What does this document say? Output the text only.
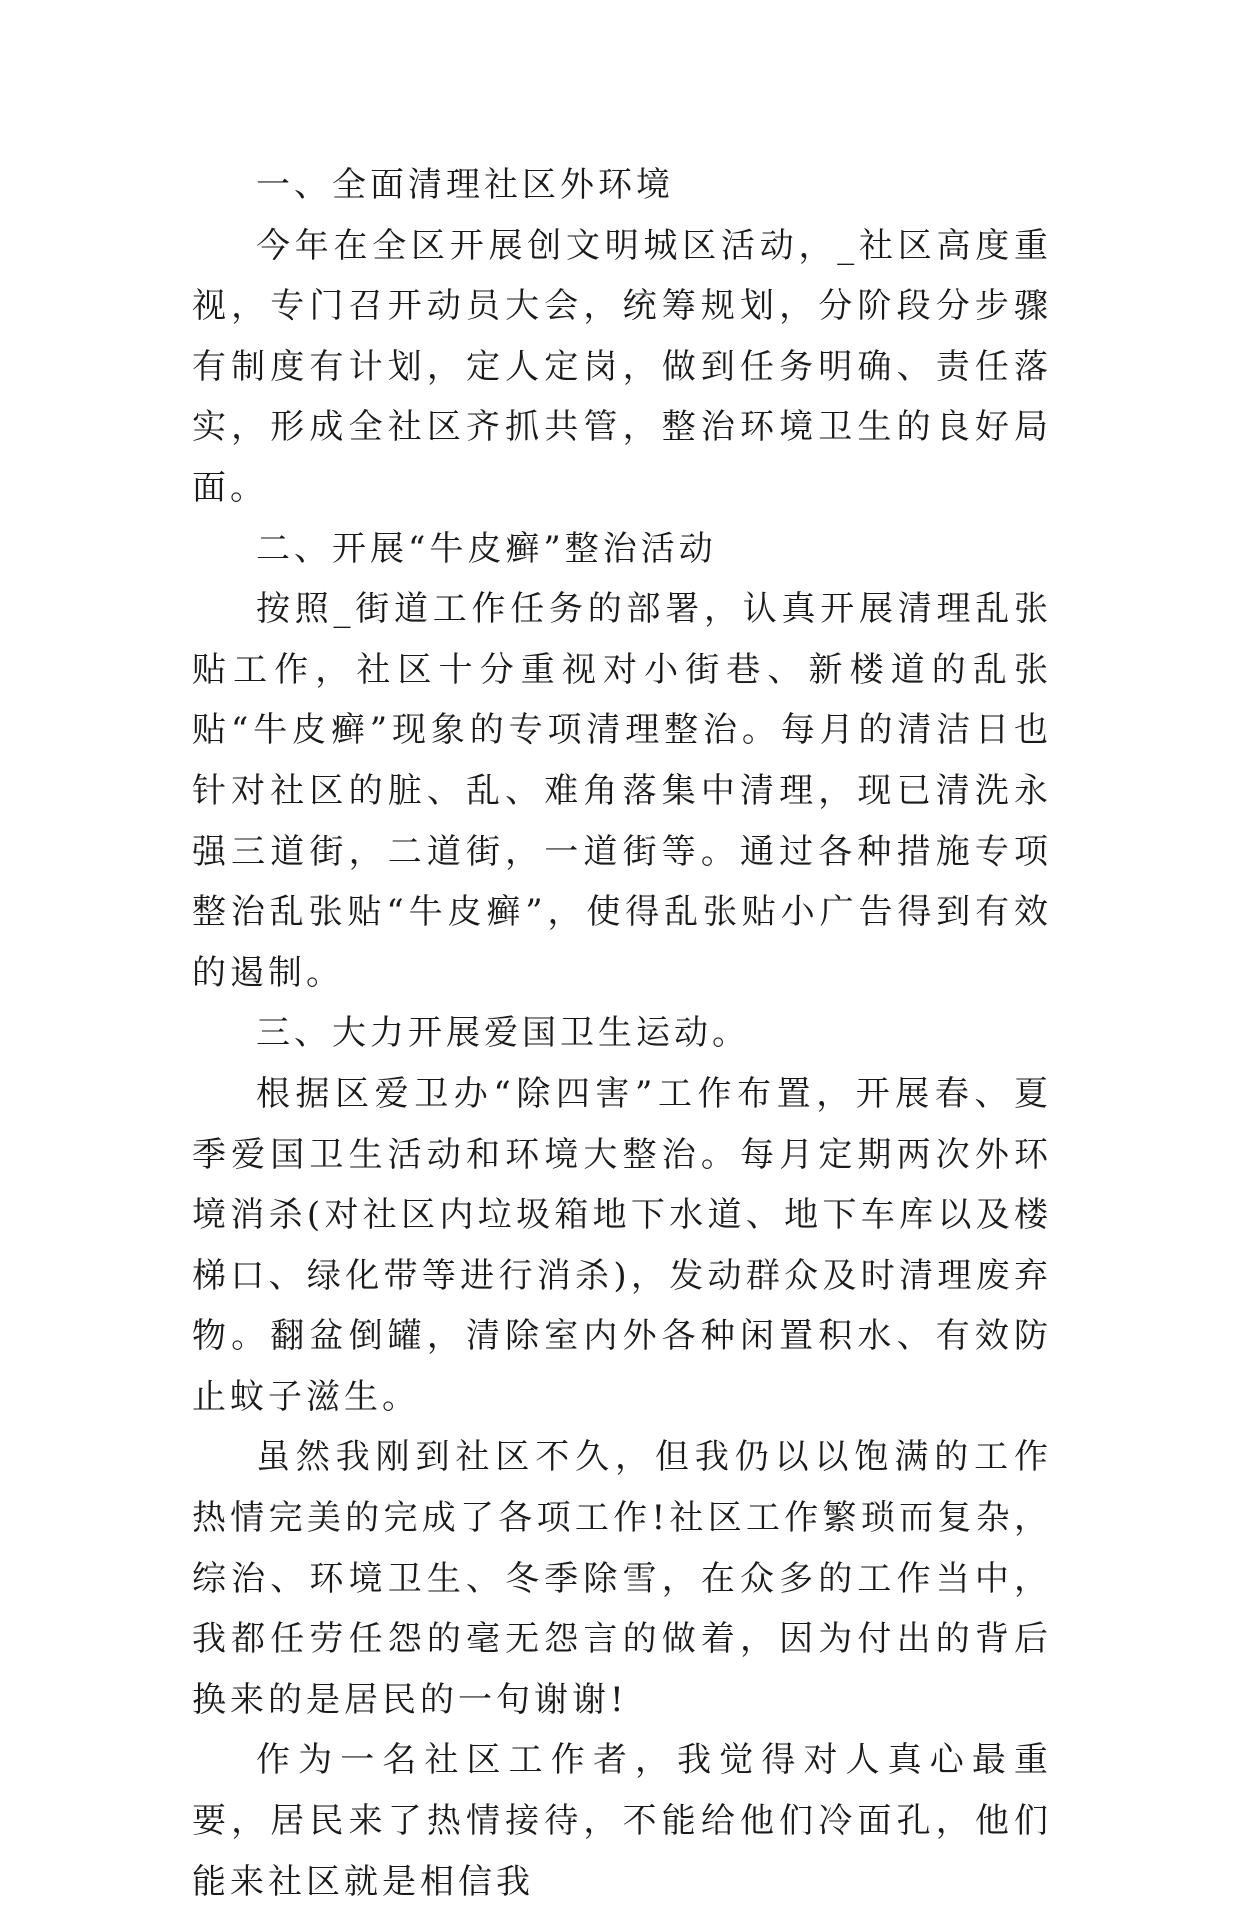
一、全面清理社区外环境

今年在全区开展创文明城区活动，_社区高度重视，专门召开动员大会，统筹规划，分阶段分步骤有制度有计划，定人定岗，做到任务明确、责任落实，形成全社区齐抓共管，整治环境卫生的良好局面。

二、开展“牛皮癣”整治活动

按照_街道工作任务的部署，认真开展清理乱张贴工作，社区十分重视对小街巷、新楼道的乱张贴“牛皮癣”现象的专项清理整治。每月的清洁日也针对社区的脏、乱、难角落集中清理，现已清洗永强三道街，二道街，一道街等。通过各种措施专项整治乱张贴“牛皮癣”，使得乱张贴小广告得到有效的遏制。

三、大力开展爱国卫生运动。

根据区爱卫办“除四害”工作布置，开展春、夏季爱国卫生活动和环境大整治。每月定期两次外环境消杀(对社区内垃圾箱地下水道、地下车库以及楼梯口、绿化带等进行消杀)，发动群众及时清理废弃物。翻盆倒罐，清除室内外各种闲置积水、有效防止蚊子滋生。

虽然我刚到社区不久，但我仍以以饱满的工作热情完美的完成了各项工作!社区工作繁琐而复杂，综治、环境卫生、冬季除雪，在众多的工作当中，我都任劳任怨的毫无怨言的做着，因为付出的背后换来的是居民的一句谢谢!

作为一名社区工作者，我觉得对人真心最重要，居民来了热情接待，不能给他们冷面孔，他们能来社区就是相信我
